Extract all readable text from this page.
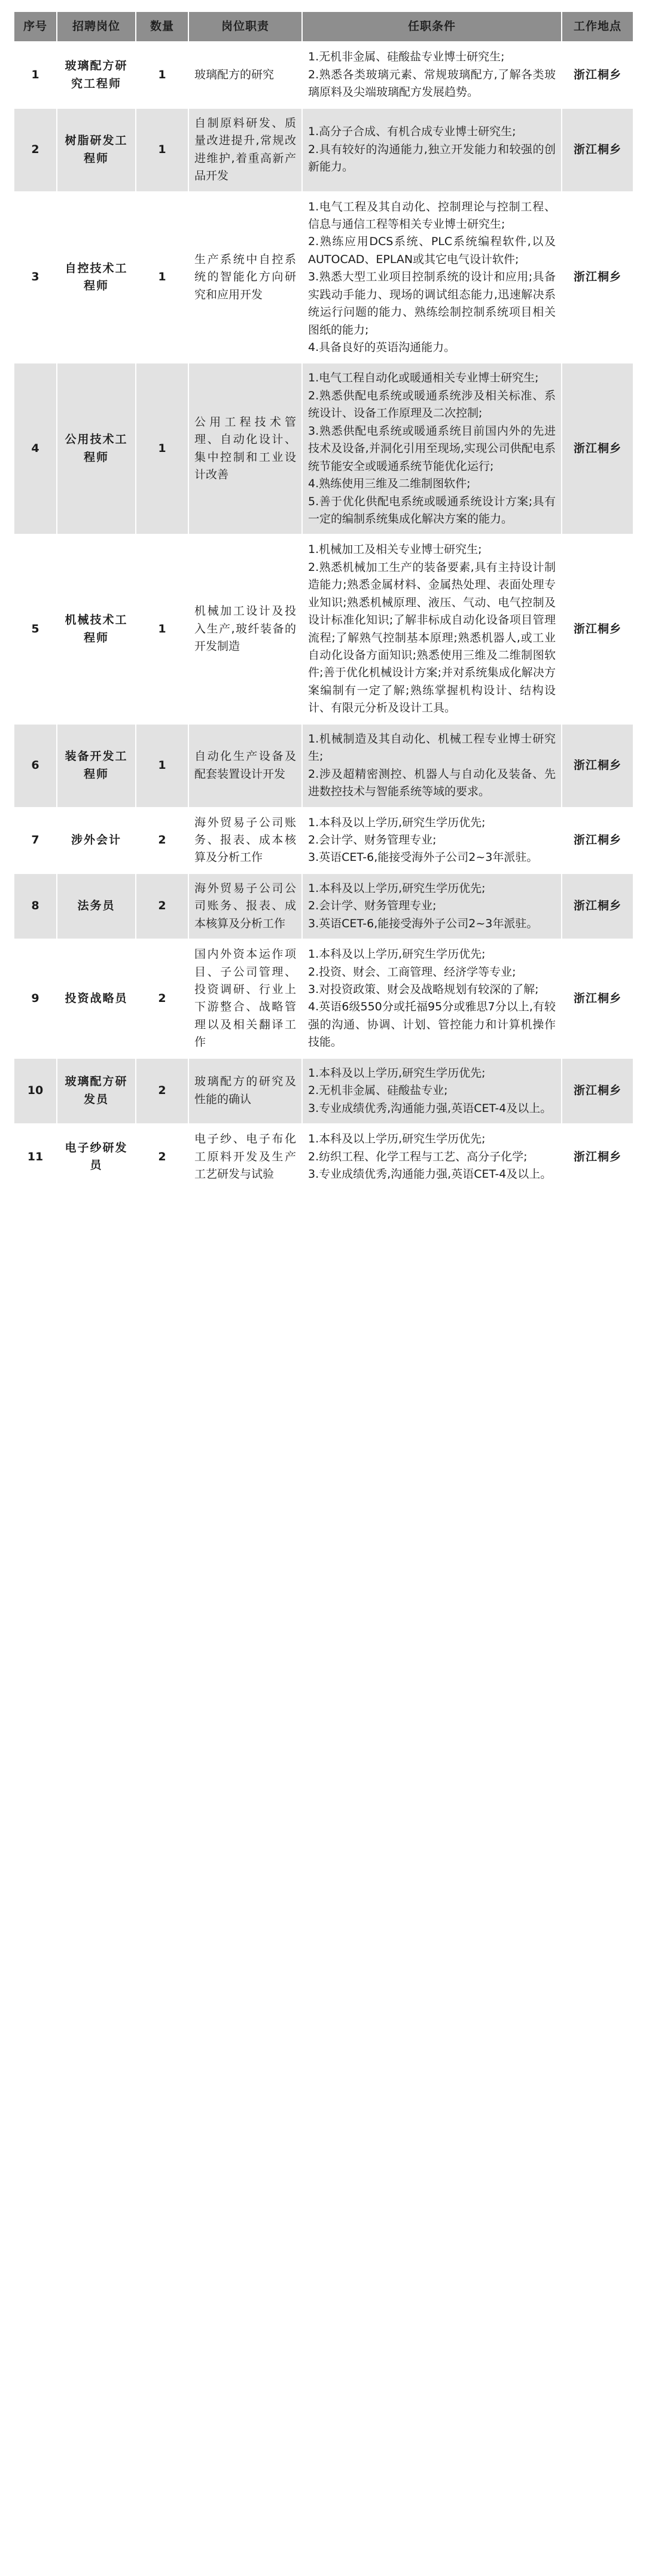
序号	招聘岗位	数量	岗位职责	任职条件	工作地点
1	玻璃配方研究工程师	1	玻璃配方的研究	1.无机非金属、硅酸盐专业博士研究生;
2.熟悉各类玻璃元素、常规玻璃配方,了解各类玻璃原料及尖端玻璃配方发展趋势。	浙江桐乡
2	树脂研发工程师	1	自制原料研发、质量改进提升,常规改进维护,着重高新产品开发	1.高分子合成、有机合成专业博士研究生;
2.具有较好的沟通能力,独立开发能力和较强的创新能力。	浙江桐乡
3	自控技术工程师	1	生产系统中自控系统的智能化方向研究和应用开发	1.电气工程及其自动化、控制理论与控制工程、信息与通信工程等相关专业博士研究生;
2.熟练应用DCS系统、PLC系统编程软件,以及AUTOCAD、EPLAN或其它电气设计软件;
3.熟悉大型工业项目控制系统的设计和应用;具备实践动手能力、现场的调试组态能力,迅速解决系统运行问题的能力、熟练绘制控制系统项目相关图纸的能力;
4.具备良好的英语沟通能力。	浙江桐乡
4	公用技术工程师	1	公用工程技术管理、自动化设计、集中控制和工业设计改善	1.电气工程自动化或暖通相关专业博士研究生;
2.熟悉供配电系统或暖通系统涉及相关标准、系统设计、设备工作原理及二次控制;
3.熟悉供配电系统或暖通系统目前国内外的先进技术及设备,并洞化引用至现场,实现公司供配电系统节能安全或暖通系统节能优化运行;
4.熟练使用三维及二维制图软件;
5.善于优化供配电系统或暖通系统设计方案;具有一定的编制系统集成化解决方案的能力。	浙江桐乡
5	机械技术工程师	1	机械加工设计及投入生产,玻纤装备的开发制造	1.机械加工及相关专业博士研究生;
2.熟悉机械加工生产的装备要素,具有主持设计制造能力;熟悉金属材料、金属热处理、表面处理专业知识;熟悉机械原理、液压、气动、电气控制及设计标准化知识;了解非标成自动化设备项目管理流程;了解熟气控制基本原理;熟悉机器人,或工业自动化设备方面知识;熟悉使用三维及二维制图软件;善于优化机械设计方案;并对系统集成化解决方案编制有一定了解;熟练掌握机构设计、结构设计、有限元分析及设计工具。	浙江桐乡
6	装备开发工程师	1	自动化生产设备及配套装置设计开发	1.机械制造及其自动化、机械工程专业博士研究生;
2.涉及超精密测控、机器人与自动化及装备、先进数控技术与智能系统等域的要求。	浙江桐乡
7	涉外会计	2	海外贸易子公司账务、报表、成本核算及分析工作	1.本科及以上学历,研究生学历优先;
2.会计学、财务管理专业;
3.英语CET-6,能接受海外子公司2~3年派驻。	浙江桐乡
8	法务员	2	海外贸易子公司公司账务、报表、成本核算及分析工作	1.本科及以上学历,研究生学历优先;
2.会计学、财务管理专业;
3.英语CET-6,能接受海外子公司2~3年派驻。	浙江桐乡
9	投资战略员	2	国内外资本运作项目、子公司管理、投资调研、行业上下游整合、战略管理以及相关翻译工作	1.本科及以上学历,研究生学历优先;
2.投资、财会、工商管理、经济学等专业;
3.对投资政策、财会及战略规划有较深的了解;
4.英语6级550分或托福95分或雅思7分以上,有较强的沟通、协调、计划、管控能力和计算机操作技能。	浙江桐乡
10	玻璃配方研发员	2	玻璃配方的研究及性能的确认	1.本科及以上学历,研究生学历优先;
2.无机非金属、硅酸盐专业;
3.专业成绩优秀,沟通能力强,英语CET-4及以上。	浙江桐乡
11	电子纱研发员	2	电子纱、电子布化工原料开发及生产工艺研发与试验	1.本科及以上学历,研究生学历优先;
2.纺织工程、化学工程与工艺、高分子化学;
3.专业成绩优秀,沟通能力强,英语CET-4及以上。	浙江桐乡
